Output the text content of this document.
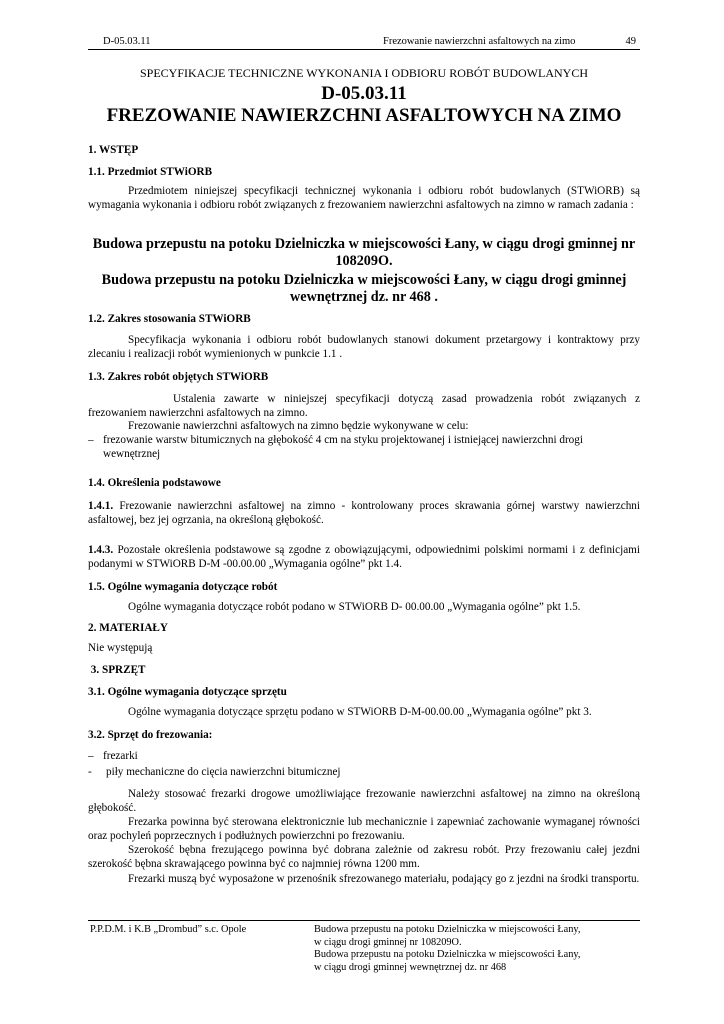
D-05.03.11	Frezowanie nawierzchni asfaltowych na zimo	49
SPECYFIKACJE TECHNICZNE WYKONANIA I ODBIORU ROBÓT BUDOWLANYCH
D-05.03.11
FREZOWANIE NAWIERZCHNI ASFALTOWYCH NA ZIMO
1. WSTĘP
1.1. Przedmiot STWiORB
Przedmiotem niniejszej specyfikacji technicznej wykonania i odbioru robót budowlanych (STWiORB) są wymagania wykonania i odbioru robót związanych z frezowaniem nawierzchni asfaltowych na zimno w ramach zadania :
Budowa przepustu na potoku Dzielniczka w miejscowości Łany, w ciągu drogi gminnej nr 108209O.
Budowa przepustu na potoku Dzielniczka w miejscowości Łany, w ciągu drogi gminnej wewnętrznej dz. nr 468 .
1.2. Zakres stosowania STWiORB
Specyfikacja wykonania i odbioru robót budowlanych stanowi dokument przetargowy i kontraktowy przy zlecaniu i realizacji robót wymienionych w punkcie 1.1 .
1.3. Zakres robót objętych STWiORB
Ustalenia zawarte w niniejszej specyfikacji dotyczą zasad prowadzenia robót związanych z frezowaniem nawierzchni asfaltowych na zimno.
Frezowanie nawierzchni asfaltowych na zimno będzie wykonywane w celu:
– frezowanie warstw bitumicznych na głębokość 4 cm na styku projektowanej i istniejącej nawierzchni drogi wewnętrznej
1.4. Określenia podstawowe
1.4.1. Frezowanie nawierzchni asfaltowej na zimno - kontrolowany proces skrawania górnej warstwy nawierzchni asfaltowej, bez jej ogrzania, na określoną głębokość.
1.4.3. Pozostałe określenia podstawowe są zgodne z obowiązującymi, odpowiednimi polskimi normami i z definicjami podanymi w STWiORB D-M -00.00.00 „Wymagania ogólne” pkt 1.4.
1.5. Ogólne wymagania dotyczące robót
Ogólne wymagania dotyczące robót podano w STWiORB D- 00.00.00 „Wymagania ogólne” pkt 1.5.
2. MATERIAŁY
Nie występują
3. SPRZĘT
3.1. Ogólne wymagania dotyczące sprzętu
Ogólne wymagania dotyczące sprzętu podano w STWiORB D-M-00.00.00 „Wymagania ogólne” pkt 3.
3.2. Sprzęt do frezowania:
– frezarki
- piły mechaniczne do cięcia nawierzchni bitumicznej
Należy stosować frezarki drogowe umożliwiające frezowanie nawierzchni asfaltowej na zimno na określoną głębokość.
Frezarka powinna być sterowana elektronicznie lub mechanicznie i zapewniać zachowanie wymaganej równości oraz pochyleń poprzecznych i podłużnych powierzchni po frezowaniu.
Szerokość bębna frezującego powinna być dobrana zależnie od zakresu robót. Przy frezowaniu całej jezdni szerokość bębna skrawającego powinna być co najmniej równa 1200 mm.
Frezarki muszą być wyposażone w przenośnik sfrezowanego materiału, podający go z jezdni na środki transportu.
P.P.D.M. i K.B „Drombud” s.c. Opole	Budowa przepustu na potoku Dzielniczka w miejscowości Łany,
w ciągu drogi gminnej nr 108209O.
Budowa przepustu na potoku Dzielniczka w miejscowości Łany,
w ciągu drogi gminnej wewnętrznej dz. nr 468
